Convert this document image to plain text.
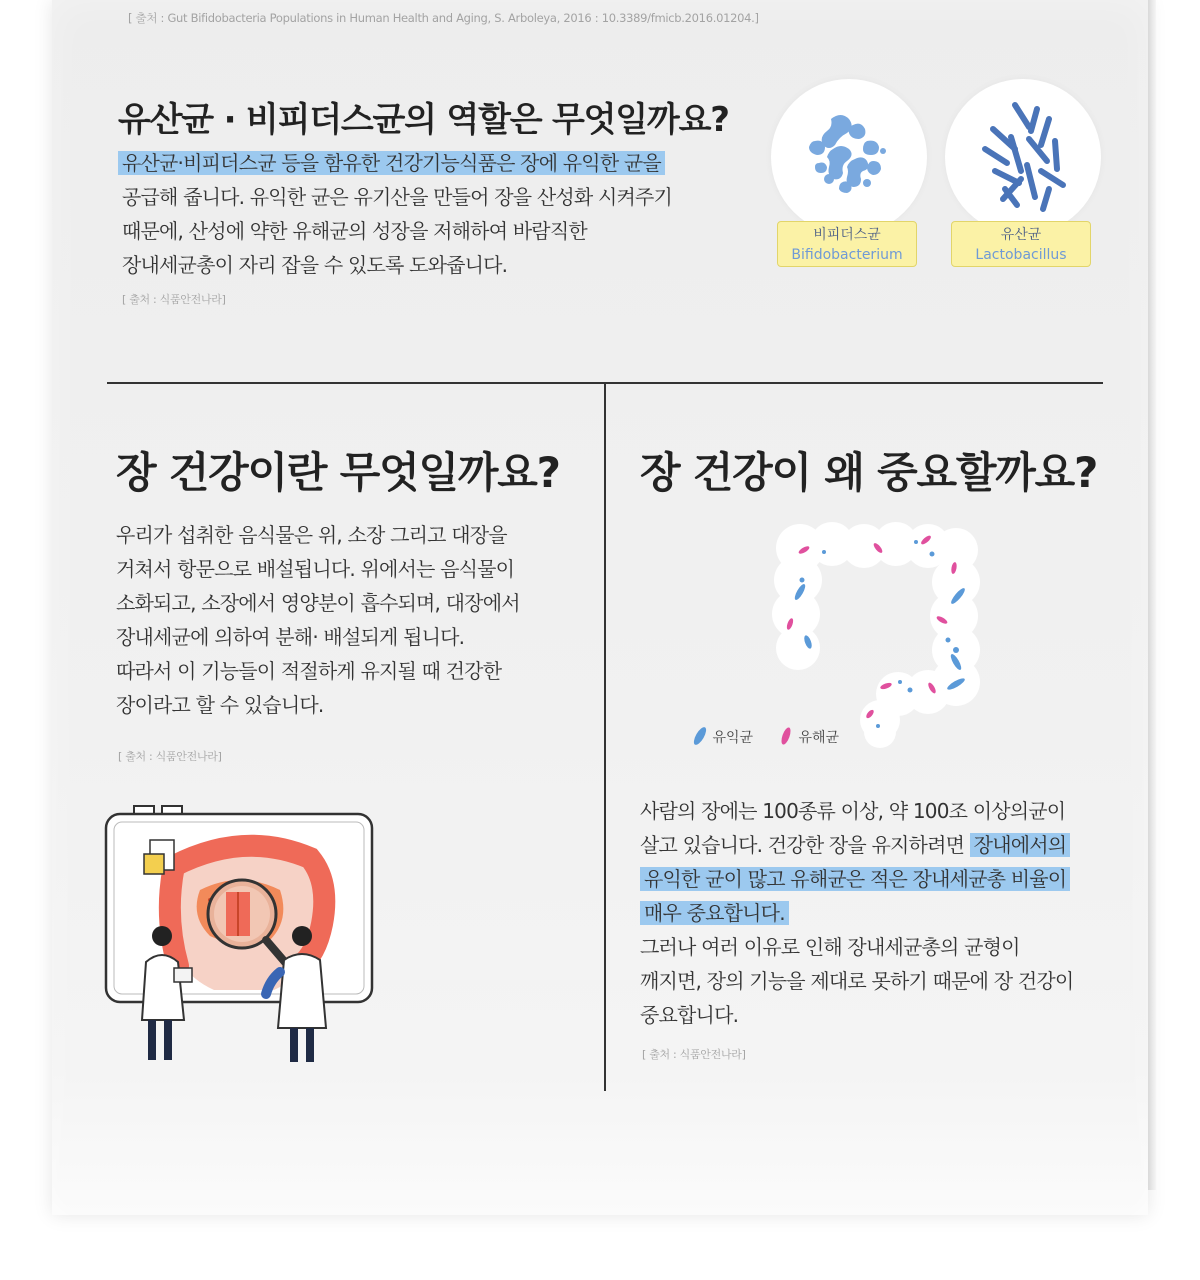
[ 출처 : Gut Bifidobacteria Populations in Human Health and Aging, S. Arboleya, 2016 : 10.3389/fmicb.2016.01204.]
유산균 · 비피더스균의 역할은 무엇일까요?
유산균·비피더스균 등을 함유한 건강기능식품은 장에 유익한 균을
공급해 줍니다. 유익한 균은 유기산을 만들어 장을 산성화 시켜주기
때문에, 산성에 약한 유해균의 성장을 저해하여 바람직한
장내세균총이 자리 잡을 수 있도록 도와줍니다.
[ 출처 : 식품안전나라]
비피더스균
Bifidobacterium
유산균
Lactobacillus
장 건강이란 무엇일까요?
우리가 섭취한 음식물은 위, 소장 그리고 대장을
거쳐서 항문으로 배설됩니다. 위에서는 음식물이
소화되고, 소장에서 영양분이 흡수되며, 대장에서
장내세균에 의하여 분해· 배설되게 됩니다.
따라서 이 기능들이 적절하게 유지될 때 건강한
장이라고 할 수 있습니다.
[ 출처 : 식품안전나라]
장 건강이 왜 중요할까요?
유익균	유해균
사람의 장에는 100종류 이상, 약 100조 이상의균이
살고 있습니다. 건강한 장을 유지하려면 장내에서의
유익한 균이 많고 유해균은 적은 장내세균총 비율이
매우 중요합니다.
그러나 여러 이유로 인해 장내세균총의 균형이
깨지면, 장의 기능을 제대로 못하기 때문에 장 건강이
중요합니다.
[ 출처 : 식품안전나라]
